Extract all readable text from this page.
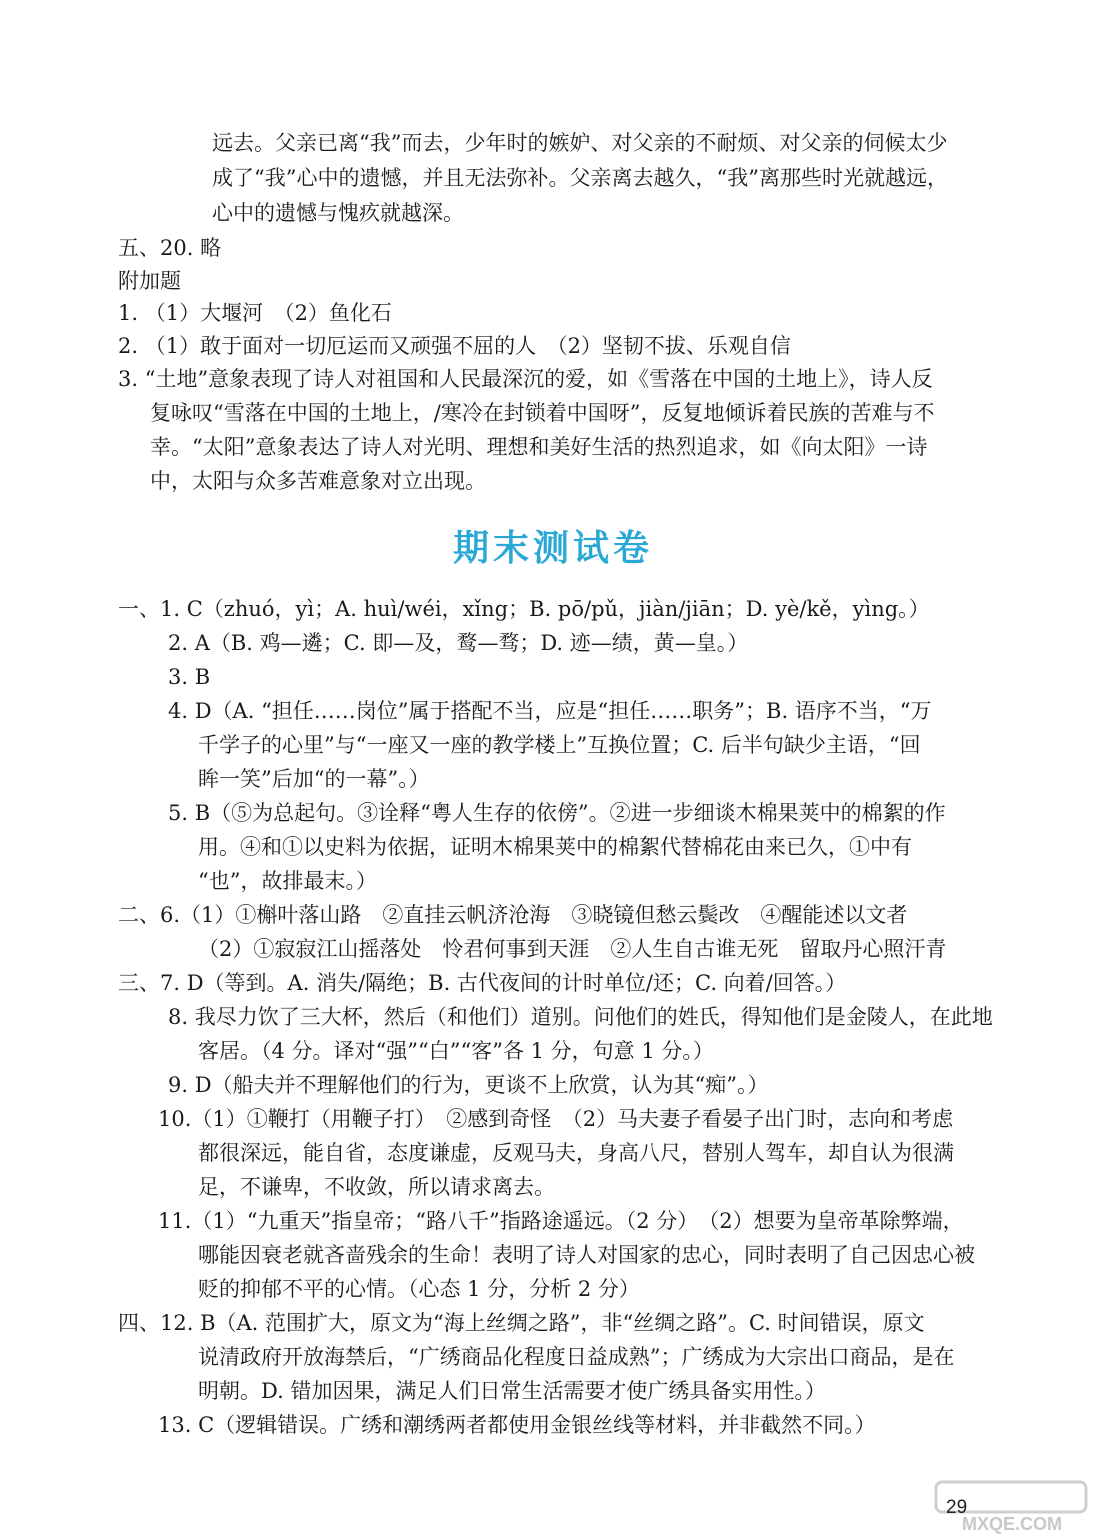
远去。父亲已离“我”而去，少年时的嫉妒、对父亲的不耐烦、对父亲的伺候太少
成了“我”心中的遗憾，并且无法弥补。父亲离去越久，“我”离那些时光就越远，
心中的遗憾与愧疚就越深。
五、20. 略
附加题
1. （1）大堰河　（2）鱼化石
2. （1）敢于面对一切厄运而又顽强不屈的人　（2）坚韧不拔、乐观自信
3. “土地”意象表现了诗人对祖国和人民最深沉的爱，如《雪落在中国的土地上》，诗人反
复咏叹“雪落在中国的土地上，/寒冷在封锁着中国呀”，反复地倾诉着民族的苦难与不
幸。“太阳”意象表达了诗人对光明、理想和美好生活的热烈追求，如《向太阳》一诗
中，太阳与众多苦难意象对立出现。
期末测试卷
一、1. C（zhuó，yì；A. huì/wéi，xǐng；B. pō/pǔ，jiàn/jiān；D. yè/kě，yìng。）
2. A（B. 鸡—遴；C. 即—及，鹜—骛；D. 迹—绩，黄—皇。）
3. B
4. D（A. “担任……岗位”属于搭配不当，应是“担任……职务”；B. 语序不当，“万
千学子的心里”与“一座又一座的教学楼上”互换位置；C. 后半句缺少主语，“回
眸一笑”后加“的一幕”。）
5. B（⑤为总起句。③诠释“粤人生存的依傍”。②进一步细谈木棉果荚中的棉絮的作
用。④和①以史料为依据，证明木棉果荚中的棉絮代替棉花由来已久，①中有
“也”，故排最末。）
二、6.（1）①槲叶落山路　②直挂云帆济沧海　③晓镜但愁云鬓改　④醒能述以文者
（2）①寂寂江山摇落处　怜君何事到天涯　②人生自古谁无死　留取丹心照汗青
三、7. D（等到。A. 消失/隔绝；B. 古代夜间的计时单位/还；C. 向着/回答。）
8. 我尽力饮了三大杯，然后（和他们）道别。问他们的姓氏，得知他们是金陵人，在此地
客居。（4 分。译对“强”“白”“客”各 1 分，句意 1 分。）
9. D（船夫并不理解他们的行为，更谈不上欣赏，认为其“痴”。）
10.（1）①鞭打（用鞭子打）　②感到奇怪　（2）马夫妻子看晏子出门时，志向和考虑
都很深远，能自省，态度谦虚，反观马夫，身高八尺，替别人驾车，却自认为很满
足，不谦卑，不收敛，所以请求离去。
11.（1）“九重天”指皇帝；“路八千”指路途遥远。（2 分）　（2）想要为皇帝革除弊端，
哪能因衰老就吝啬残余的生命！表明了诗人对国家的忠心，同时表明了自己因忠心被
贬的抑郁不平的心情。（心态 1 分，分析 2 分）
四、12. B（A. 范围扩大，原文为“海上丝绸之路”，非“丝绸之路”。C. 时间错误，原文
说清政府开放海禁后，“广绣商品化程度日益成熟”；广绣成为大宗出口商品，是在
明朝。D. 错加因果，满足人们日常生活需要才使广绣具备实用性。）
13. C（逻辑错误。广绣和潮绣两者都使用金银丝线等材料，并非截然不同。）
MXQE.COM
29
